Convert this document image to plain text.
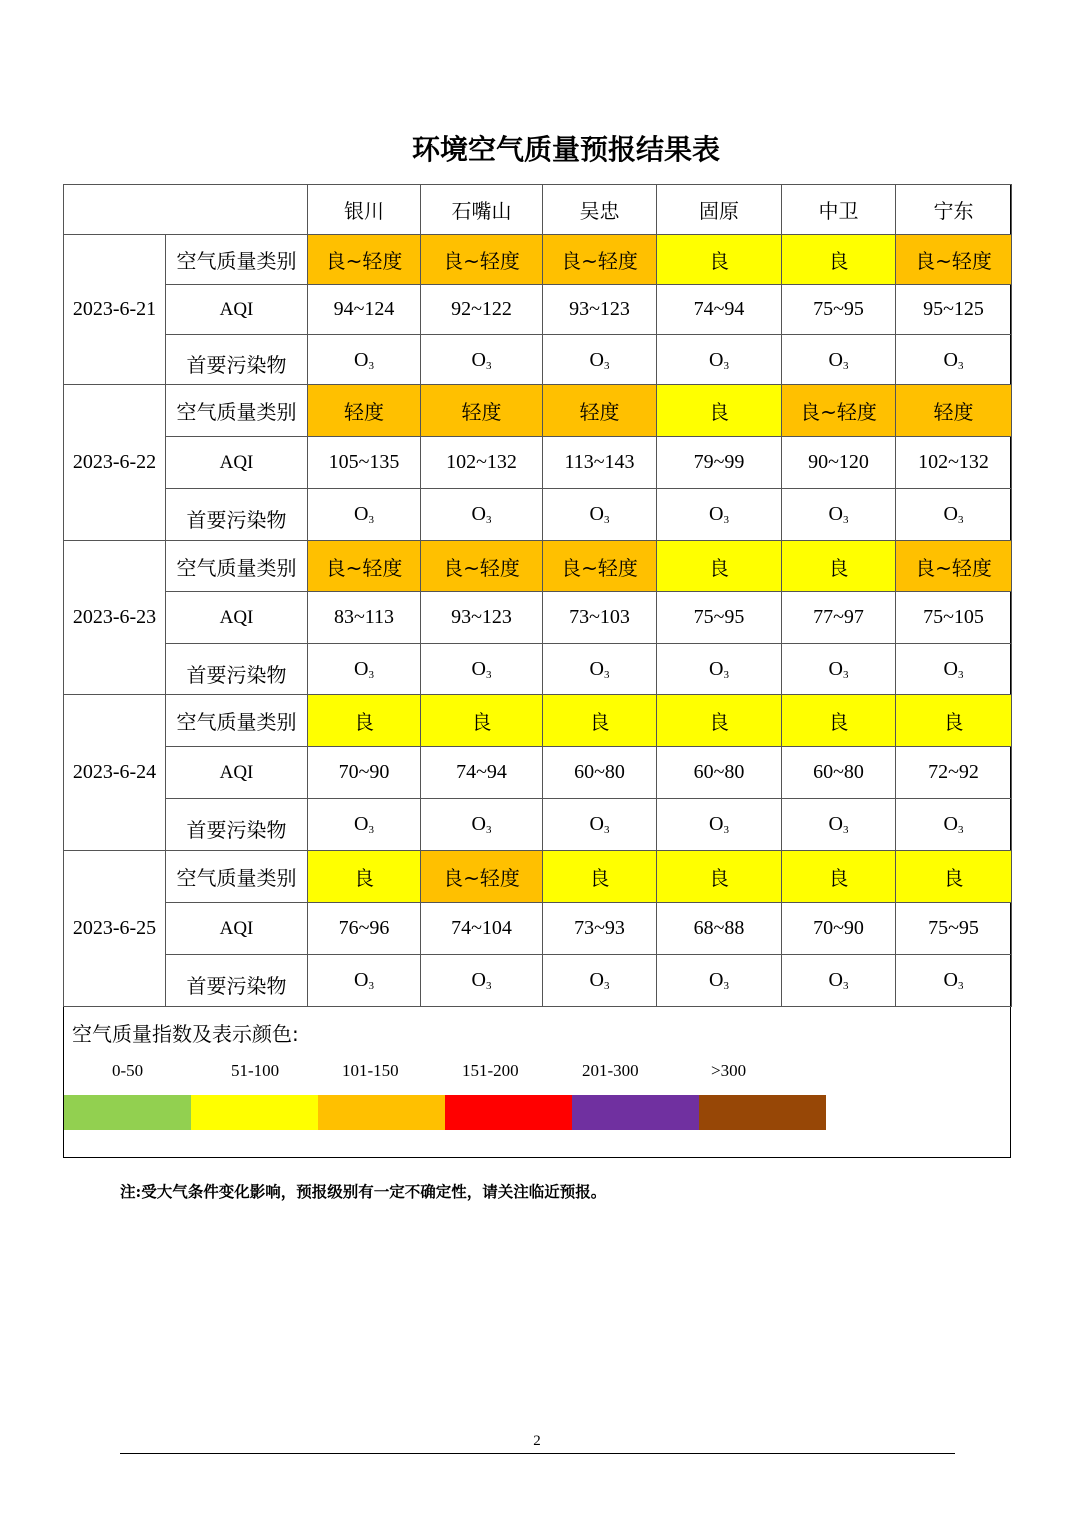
环境空气质量预报结果表
		银川	石嘴山	吴忠	固原	中卫	宁东
2023-6-21	空气质量类别	良~轻度	良~轻度	良~轻度	良	良	良~轻度
	AQI	94~124	92~122	93~123	74~94	75~95	95~125
	首要污染物	$O_3$	$O_3$	$O_3$	$O_3$	$O_3$	$O_3$
2023-6-22	空气质量类别	轻度	轻度	轻度	良	良~轻度	轻度
	AQI	105~135	102~132	113~143	79~99	90~120	102~132
	首要污染物	$O_3$	$O_3$	$O_3$	$O_3$	$O_3$	$O_3$
2023-6-23	空气质量类别	良~轻度	良~轻度	良~轻度	良	良	良~轻度
	AQI	83~113	93~123	73~103	75~95	77~97	75~105
	首要污染物	$O_3$	$O_3$	$O_3$	$O_3$	$O_3$	$O_3$
2023-6-24	空气质量类别	良	良	良	良	良	良
	AQI	70~90	74~94	60~80	60~80	60~80	72~92
	首要污染物	$O_3$	$O_3$	$O_3$	$O_3$	$O_3$	$O_3$
2023-6-25	空气质量类别	良	良~轻度	良	良	良	良
	AQI	76~96	74~104	73~93	68~88	70~90	75~95
	首要污染物	$O_3$	$O_3$	$O_3$	$O_3$	$O_3$	$O_3$
空气质量指数及表示颜色:
0-50	51-100	101-150	151-200	201-300	>300
注:受大气条件变化影响，预报级别有一定不确定性，请关注临近预报。
2
